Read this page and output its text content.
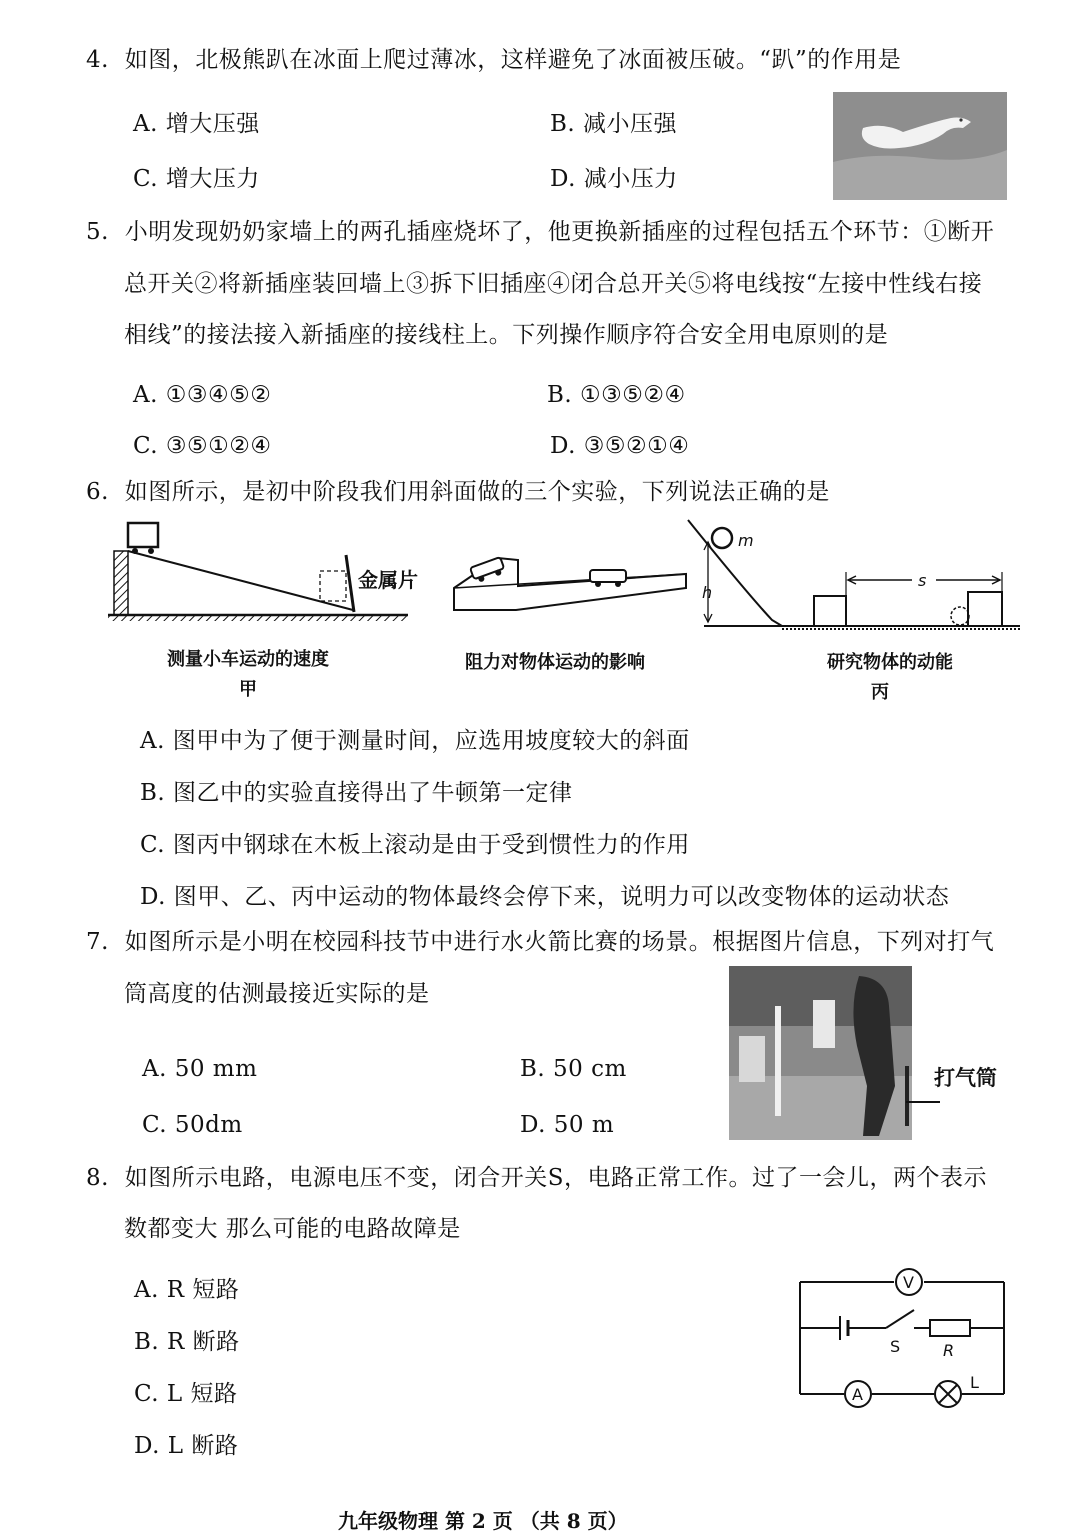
4. 如图，北极熊趴在冰面上爬过薄冰，这样避免了冰面被压破。“趴”的作用是
A. 增大压强	B. 减小压强
C. 增大压力	D. 减小压力
5. 小明发现奶奶家墙上的两孔插座烧坏了，他更换新插座的过程包括五个环节：①断开
总开关②将新插座装回墙上③拆下旧插座④闭合总开关⑤将电线按“左接中性线右接
相线”的接法接入新插座的接线柱上。下列操作顺序符合安全用电原则的是
A. ①③④⑤②	B. ①③⑤②④
C. ③⑤①②④	D. ③⑤②①④
6. 如图所示，是初中阶段我们用斜面做的三个实验，下列说法正确的是
金属片
测量小车运动的速度
甲
阻力对物体运动的影响
m
h
s
研究物体的动能
丙
A. 图甲中为了便于测量时间，应选用坡度较大的斜面
B. 图乙中的实验直接得出了牛顿第一定律
C. 图丙中钢球在木板上滚动是由于受到惯性力的作用
D. 图甲、乙、丙中运动的物体最终会停下来，说明力可以改变物体的运动状态
7. 如图所示是小明在校园科技节中进行水火箭比赛的场景。根据图片信息，下列对打气
筒高度的估测最接近实际的是
A. 50 mm	B. 50 cm
C. 50dm	D. 50 m
打气筒
8. 如图所示电路，电源电压不变，闭合开关S，电路正常工作。过了一会儿，两个表示
数都变大 那么可能的电路故障是
A. R 短路
B. R 断路
C. L 短路
D. L 断路
V
S	R
A
L
九年级物理 第 2 页 （共 8 页）
